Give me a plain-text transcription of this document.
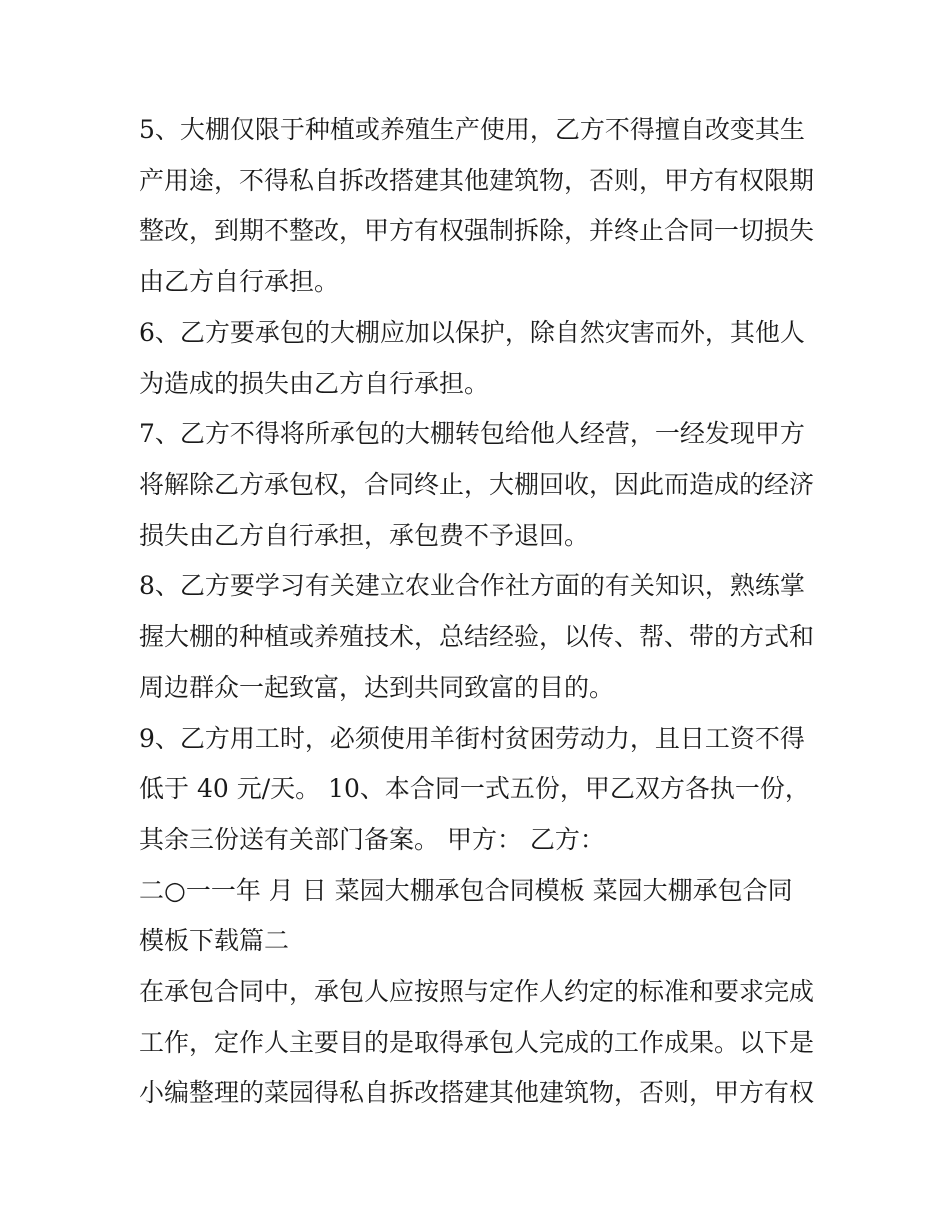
5、大棚仅限于种植或养殖生产使用，乙方不得擅自改变其生
产用途，不得私自拆改搭建其他建筑物，否则，甲方有权限期
整改，到期不整改，甲方有权强制拆除，并终止合同一切损失
由乙方自行承担。
6、乙方要承包的大棚应加以保护，除自然灾害而外，其他人
为造成的损失由乙方自行承担。
7、乙方不得将所承包的大棚转包给他人经营，一经发现甲方
将解除乙方承包权，合同终止，大棚回收，因此而造成的经济
损失由乙方自行承担，承包费不予退回。
8、乙方要学习有关建立农业合作社方面的有关知识，熟练掌
握大棚的种植或养殖技术，总结经验，以传、帮、带的方式和
周边群众一起致富，达到共同致富的目的。
9、乙方用工时，必须使用羊街村贫困劳动力，且日工资不得
低于 40 元/天。 10、本合同一式五份，甲乙双方各执一份，
其余三份送有关部门备案。 甲方： 乙方：
二○一一年 月 日 菜园大棚承包合同模板 菜园大棚承包合同
模板下载篇二
在承包合同中，承包人应按照与定作人约定的标准和要求完成
工作，定作人主要目的是取得承包人完成的工作成果。以下是
小编整理的菜园得私自拆改搭建其他建筑物，否则，甲方有权
